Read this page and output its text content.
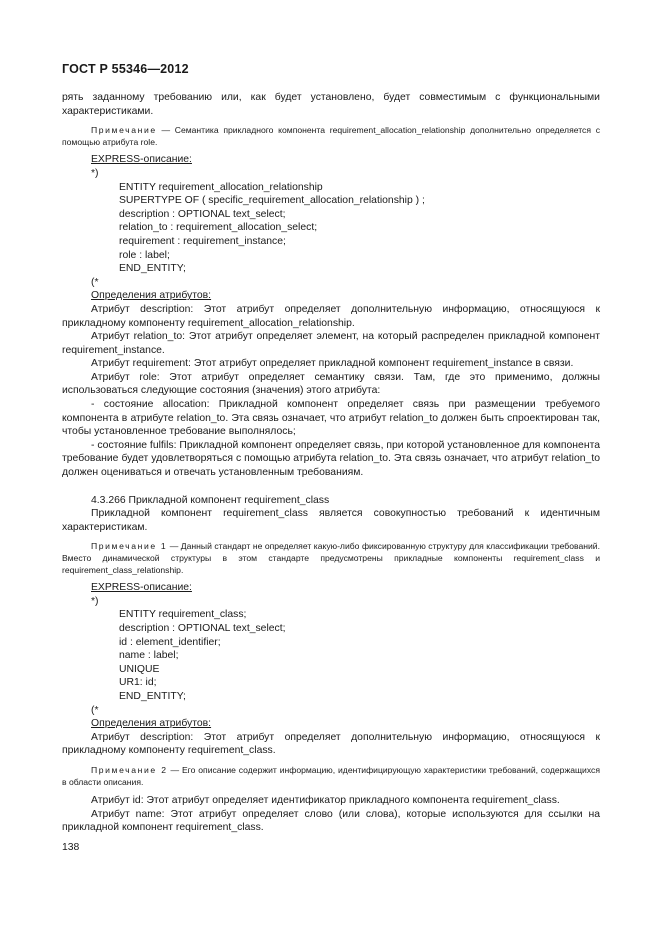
ГОСТ Р 55346—2012

рять заданному требованию или, как будет установлено, будет совместимым с функциональными характеристиками.

Примечание — Семантика прикладного компонента requirement_allocation_relationship дополнительно определяется с помощью атрибута role.

EXPRESS-описание:

*)

ENTITY requirement_allocation_relationship

SUPERTYPE OF ( specific_requirement_allocation_relationship ) ;

description : OPTIONAL text_select;

relation_to : requirement_allocation_select;

requirement : requirement_instance;

role : label;

END_ENTITY;

(*

Определения атрибутов:

Атрибут description: Этот атрибут определяет дополнительную информацию, относящуюся к прикладному компоненту requirement_allocation_relationship.

Атрибут relation_to: Этот атрибут определяет элемент, на который распределен прикладной компонент requirement_instance.

Атрибут requirement: Этот атрибут определяет прикладной компонент requirement_instance в связи.

Атрибут role: Этот атрибут определяет семантику связи. Там, где это применимо, должны использоваться следующие состояния (значения) этого атрибута:

- состояние allocation: Прикладной компонент определяет связь при размещении требуемого компонента в атрибуте relation_to. Эта связь означает, что атрибут relation_to должен быть спроектирован так, чтобы установленное требование выполнялось;

- состояние fulfils: Прикладной компонент определяет связь, при которой установленное для компонента требование будет удовлетворяться с помощью атрибута relation_to. Эта связь означает, что атрибут relation_to должен оцениваться и отвечать установленным требованиям.

4.3.266 Прикладной компонент requirement_class

Прикладной компонент requirement_class является совокупностью требований к идентичным характеристикам.

Примечание 1 — Данный стандарт не определяет какую-либо фиксированную структуру для классификации требований. Вместо динамической структуры в этом стандарте предусмотрены прикладные компоненты requirement_class и requirement_class_relationship.

EXPRESS-описание:

*)

ENTITY requirement_class;

description : OPTIONAL text_select;

id : element_identifier;

name : label;

UNIQUE

UR1: id;

END_ENTITY;

(*

Определения атрибутов:

Атрибут description: Этот атрибут определяет дополнительную информацию, относящуюся к прикладному компоненту requirement_class.

Примечание 2 — Его описание содержит информацию, идентифицирующую характеристики требований, содержащихся в области описания.

Атрибут id: Этот атрибут определяет идентификатор прикладного компонента requirement_class.

Атрибут name: Этот атрибут определяет слово (или слова), которые используются для ссылки на прикладной компонент requirement_class.

138
